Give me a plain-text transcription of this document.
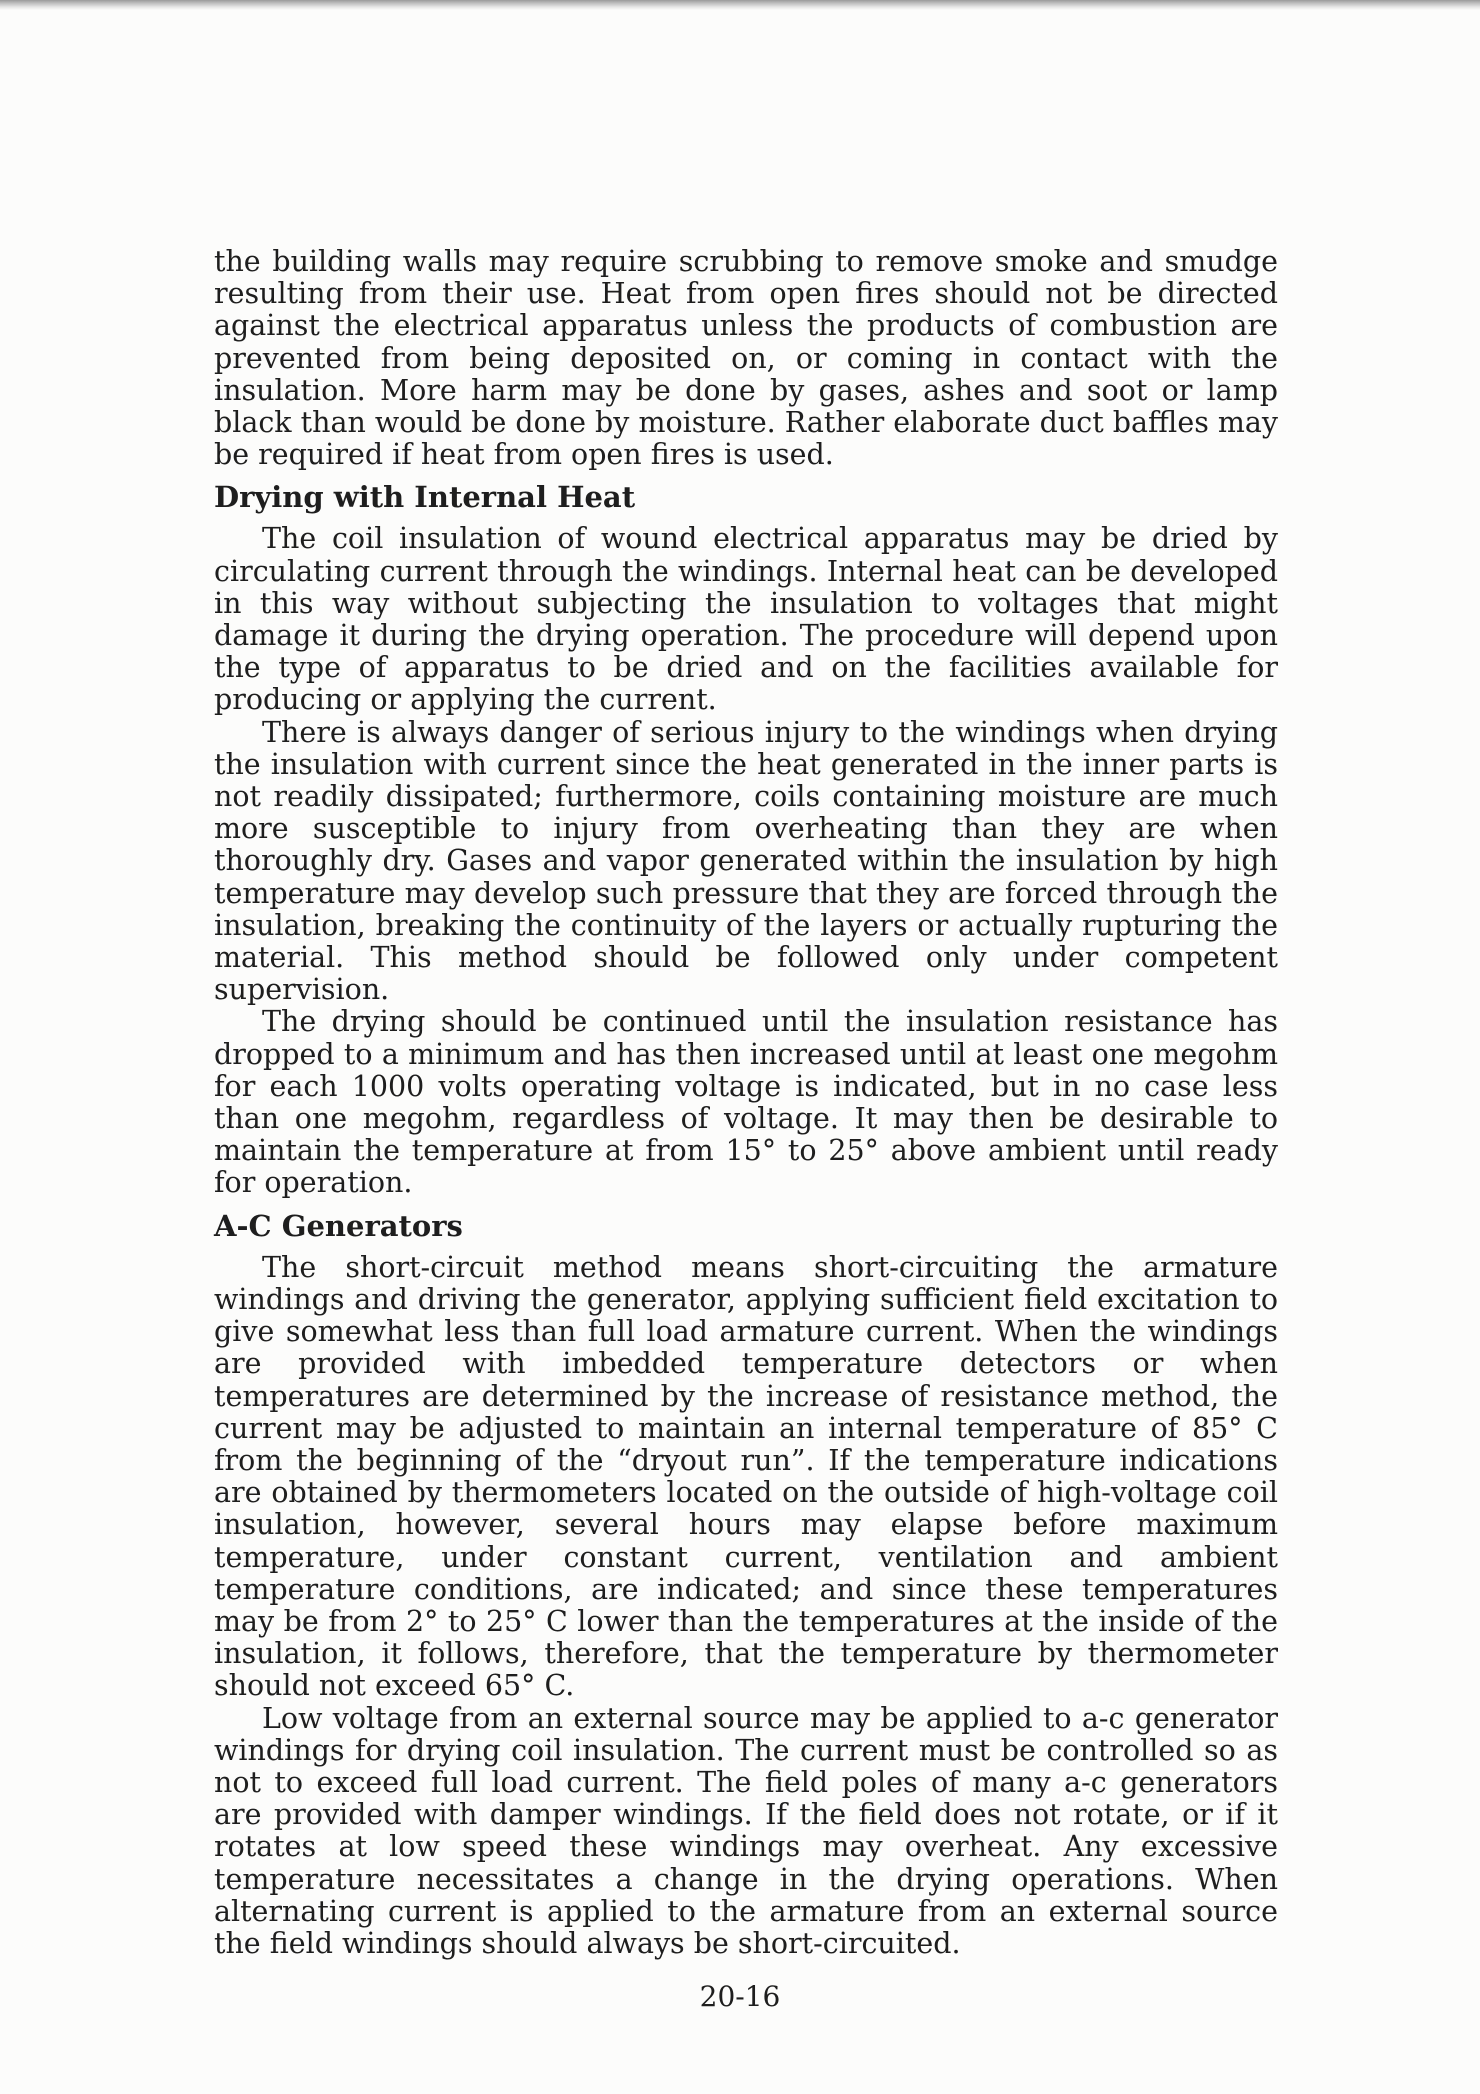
the building walls may require scrubbing to remove smoke and smudge resulting from their use. Heat from open fires should not be directed against the electrical apparatus unless the products of combustion are prevented from being deposited on, or coming in contact with the insulation. More harm may be done by gases, ashes and soot or lamp black than would be done by moisture. Rather elaborate duct baffles may be required if heat from open fires is used.

Drying with Internal Heat

The coil insulation of wound electrical apparatus may be dried by circulating current through the windings. Internal heat can be developed in this way without subjecting the insulation to voltages that might damage it during the drying operation. The procedure will depend upon the type of apparatus to be dried and on the facilities available for producing or applying the current.

There is always danger of serious injury to the windings when drying the insulation with current since the heat generated in the inner parts is not readily dissipated; furthermore, coils containing moisture are much more susceptible to injury from overheating than they are when thoroughly dry. Gases and vapor generated within the insulation by high temperature may develop such pressure that they are forced through the insulation, breaking the continuity of the layers or actually rupturing the material. This method should be followed only under competent supervision.

The drying should be continued until the insulation resistance has dropped to a minimum and has then increased until at least one megohm for each 1000 volts operating voltage is indicated, but in no case less than one megohm, regardless of voltage. It may then be desirable to maintain the temperature at from 15° to 25° above ambient until ready for operation.

A-C Generators

The short-circuit method means short-circuiting the armature windings and driving the generator, applying sufficient field excitation to give somewhat less than full load armature current. When the windings are provided with imbedded temperature detectors or when temperatures are determined by the increase of resistance method, the current may be adjusted to maintain an internal temperature of 85° C from the beginning of the “dryout run”. If the temperature indications are obtained by thermometers located on the outside of high-voltage coil insulation, however, several hours may elapse before maximum temperature, under constant current, ventilation and ambient temperature conditions, are indicated; and since these temperatures may be from 2° to 25° C lower than the temperatures at the inside of the insulation, it follows, therefore, that the temperature by thermometer should not exceed 65° C.

Low voltage from an external source may be applied to a-c generator windings for drying coil insulation. The current must be controlled so as not to exceed full load current. The field poles of many a-c generators are provided with damper windings. If the field does not rotate, or if it rotates at low speed these windings may overheat. Any excessive temperature necessitates a change in the drying operations. When alternating current is applied to the armature from an external source the field windings should always be short-circuited.

20-16
